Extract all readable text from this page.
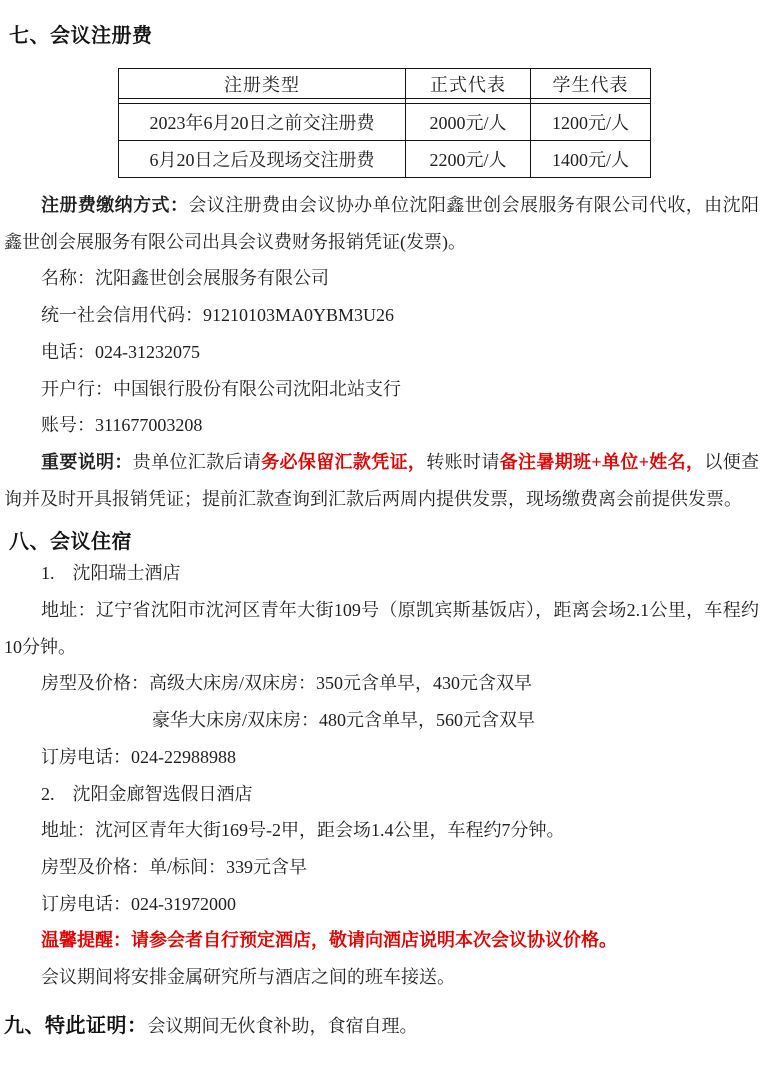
七、会议注册费
注册类型	正式代表	学生代表

2023年6月20日之前交注册费	2000元/人	1200元/人
6月20日之后及现场交注册费	2200元/人	1400元/人

注册费缴纳方式：会议注册费由会议协办单位沈阳鑫世创会展服务有限公司代收，由沈阳鑫世创会展服务有限公司出具会议费财务报销凭证(发票)。

名称：沈阳鑫世创会展服务有限公司

统一社会信用代码：91210103MA0YBM3U26

电话：024-31232075

开户行：中国银行股份有限公司沈阳北站支行

账号：311677003208

重要说明：贵单位汇款后请务必保留汇款凭证，转账时请备注暑期班+单位+姓名，以便查询并及时开具报销凭证；提前汇款查询到汇款后两周内提供发票，现场缴费离会前提供发票。

八、会议住宿

1.　沈阳瑞士酒店

地址：辽宁省沈阳市沈河区青年大街109号（原凯宾斯基饭店），距离会场2.1公里，车程约10分钟。

房型及价格：高级大床房/双床房：350元含单早，430元含双早

豪华大床房/双床房：480元含单早，560元含双早

订房电话：024-22988988

2.　沈阳金廊智选假日酒店

地址：沈河区青年大街169号-2甲，距会场1.4公里，车程约7分钟。

房型及价格：单/标间：339元含早

订房电话：024-31972000

温馨提醒：请参会者自行预定酒店，敬请向酒店说明本次会议协议价格。

会议期间将安排金属研究所与酒店之间的班车接送。

九、特此证明：会议期间无伙食补助，食宿自理。
